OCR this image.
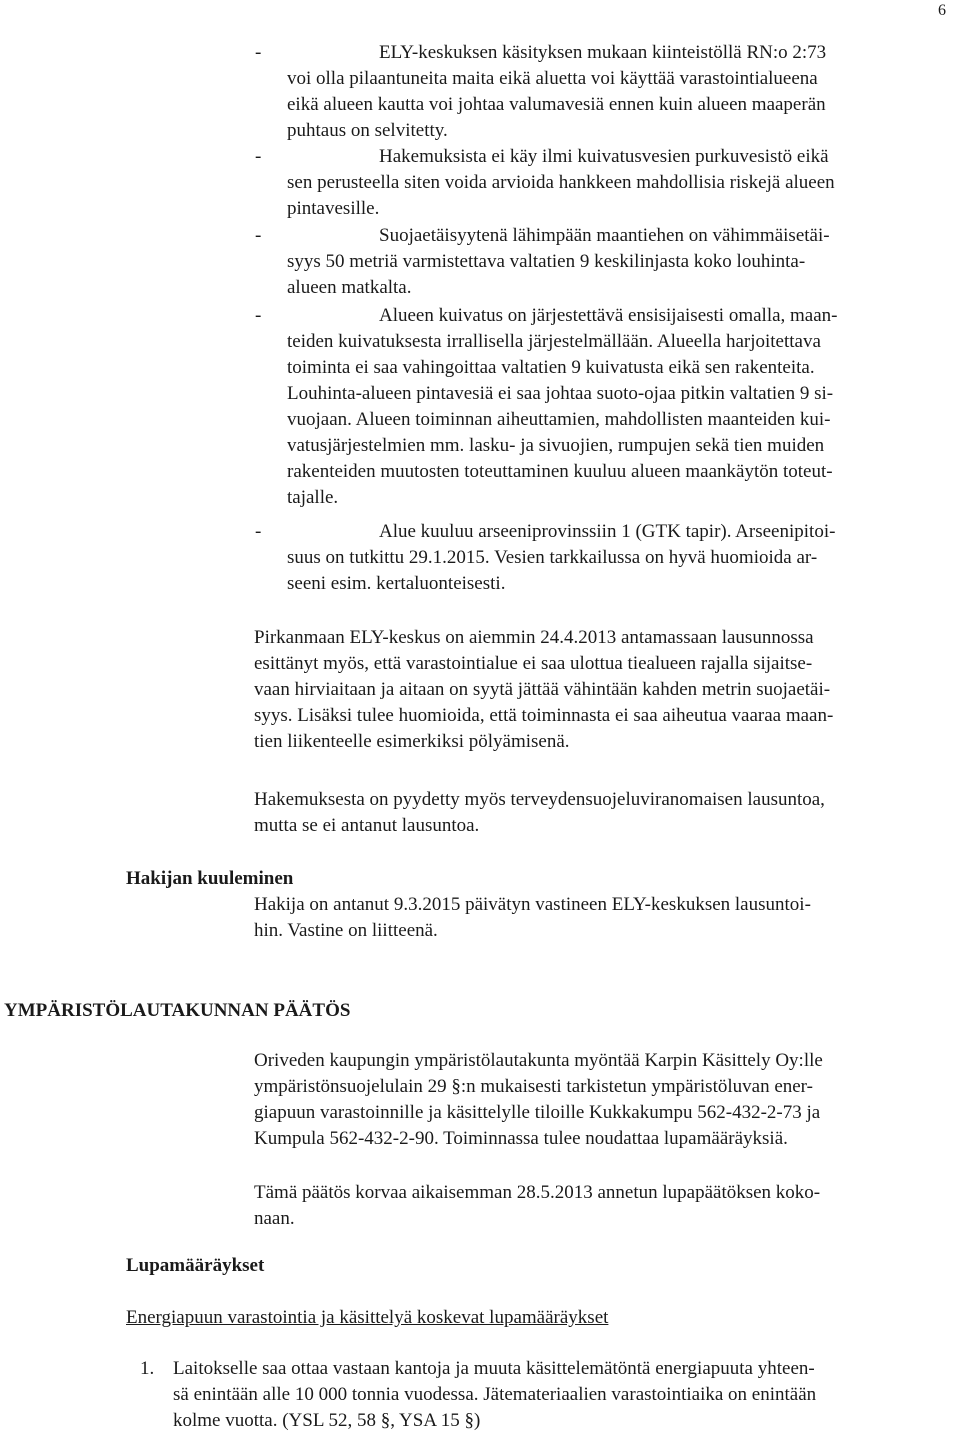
6
-	ELY-keskuksen käsityksen mukaan kiinteistöllä RN:o 2:73
voi olla pilaantuneita maita eikä aluetta voi käyttää varastointialueena
eikä alueen kautta voi johtaa valumavesiä ennen kuin alueen maaperän
puhtaus on selvitetty.
-	Hakemuksista ei käy ilmi kuivatusvesien purkuvesistö eikä
sen perusteella siten voida arvioida hankkeen mahdollisia riskejä alueen
pintavesille.
-	Suojaetäisyytenä lähimpään maantiehen on vähimmäisetäi-
syys 50 metriä varmistettava valtatien 9 keskilinjasta koko louhinta-
alueen matkalta.
-	Alueen kuivatus on järjestettävä ensisijaisesti omalla, maan-
teiden kuivatuksesta irrallisella järjestelmällään. Alueella harjoitettava
toiminta ei saa vahingoittaa valtatien 9 kuivatusta eikä sen rakenteita.
Louhinta-alueen pintavesiä ei saa johtaa suoto-ojaa pitkin valtatien 9 si-
vuojaan. Alueen toiminnan aiheuttamien, mahdollisten maanteiden kui-
vatusjärjestelmien mm. lasku- ja sivuojien, rumpujen sekä tien muiden
rakenteiden muutosten toteuttaminen kuuluu alueen maankäytön toteut-
tajalle.
-	Alue kuuluu arseeniprovinssiin 1 (GTK tapir). Arseenipitoi-
suus on tutkittu 29.1.2015. Vesien tarkkailussa on hyvä huomioida ar-
seeni esim. kertaluonteisesti.
Pirkanmaan ELY-keskus on aiemmin 24.4.2013 antamassaan lausunnossa
esittänyt myös, että varastointialue ei saa ulottua tiealueen rajalla sijaitse-
vaan hirviaitaan ja aitaan on syytä jättää vähintään kahden metrin suojaetäi-
syys. Lisäksi tulee huomioida, että toiminnasta ei saa aiheutua vaaraa maan-
tien liikenteelle esimerkiksi pölyämisenä.
Hakemuksesta on pyydetty myös terveydensuojeluviranomaisen lausuntoa,
mutta se ei antanut lausuntoa.
Hakijan kuuleminen
Hakija on antanut 9.3.2015 päivätyn vastineen ELY-keskuksen lausuntoi-
hin. Vastine on liitteenä.
YMPÄRISTÖLAUTAKUNNAN PÄÄTÖS
Oriveden kaupungin ympäristölautakunta myöntää Karpin Käsittely Oy:lle
ympäristönsuojelulain 29 §:n mukaisesti tarkistetun ympäristöluvan ener-
giapuun varastoinnille ja käsittelylle tiloille Kukkakumpu 562-432-2-73 ja
Kumpula 562-432-2-90. Toiminnassa tulee noudattaa lupamääräyksiä.
Tämä päätös korvaa aikaisemman 28.5.2013 annetun lupapäätöksen koko-
naan.
Lupamääräykset
Energiapuun varastointia ja käsittelyä koskevat lupamääräykset
1. Laitokselle saa ottaa vastaan kantoja ja muuta käsittelemätöntä energiapuuta yhteen-
sä enintään alle 10 000 tonnia vuodessa. Jätemateriaalien varastointiaika on enintään
kolme vuotta. (YSL 52, 58 §, YSA 15 §)
